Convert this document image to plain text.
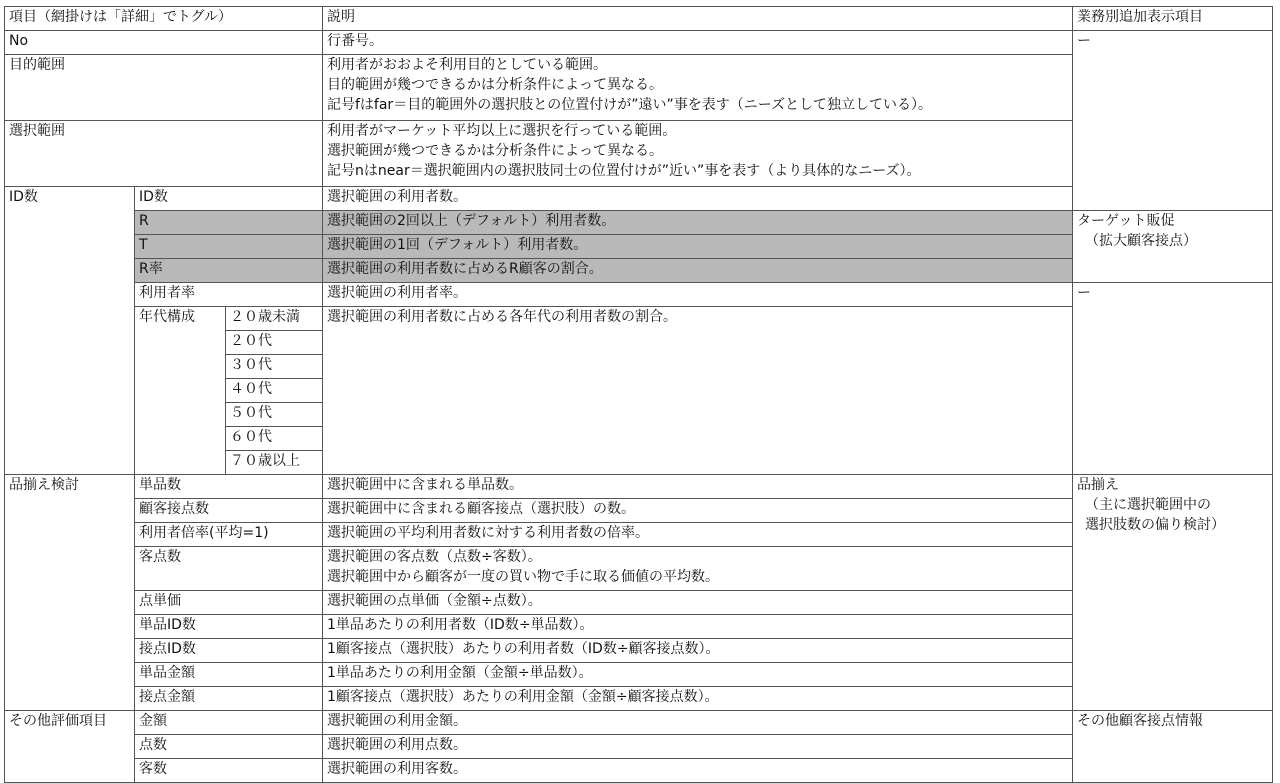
項目（網掛けは「詳細」でトグル）			説明	業務別追加表示項目
No			行番号。	ー
目的範囲			利用者がおおよそ利用目的としている範囲。
目的範囲が幾つできるかは分析条件によって異なる。
記号fはfar＝目的範囲外の選択肢との位置付けが”遠い”事を表す（ニーズとして独立している）。	

選択範囲			利用者がマーケット平均以上に選択を行っている範囲。
選択範囲が幾つできるかは分析条件によって異なる。
記号nはnear＝選択範囲内の選択肢同士の位置付けが”近い”事を表す（より具体的なニーズ）。	

ID数	ID数		選択範囲の利用者数。	
	R		選択範囲の2回以上（デフォルト）利用者数。	ターゲット販促
（拡大顧客接点）

	T		選択範囲の1回（デフォルト）利用者数。	
	R率		選択範囲の利用者数に占めるR顧客の割合。	
	利用者率		選択範囲の利用者率。	ー
	年代構成	２０歳未満	選択範囲の利用者数に占める各年代の利用者数の割合。	
		２０代		
		３０代		
		４０代		
		５０代		
		６０代		
		７０歳以上		
品揃え検討	単品数		選択範囲中に含まれる単品数。	品揃え
（主に選択範囲中の
選択肢数の偏り検討）

	顧客接点数		選択範囲中に含まれる顧客接点（選択肢）の数。	
	利用者倍率(平均=1)		選択範囲の平均利用者数に対する利用者数の倍率。	
	客点数		選択範囲の客点数（点数÷客数）。
選択範囲中から顧客が一度の買い物で手に取る価値の平均数。	

	点単価		選択範囲の点単価（金額÷点数）。	
	単品ID数		1単品あたりの利用者数（ID数÷単品数）。	
	接点ID数		1顧客接点（選択肢）あたりの利用者数（ID数÷顧客接点数）。	
	単品金額		1単品あたりの利用金額（金額÷単品数）。	
	接点金額		1顧客接点（選択肢）あたりの利用金額（金額÷顧客接点数）。	
その他評価項目	金額		選択範囲の利用金額。	その他顧客接点情報
	点数		選択範囲の利用点数。	
	客数		選択範囲の利用客数。	
